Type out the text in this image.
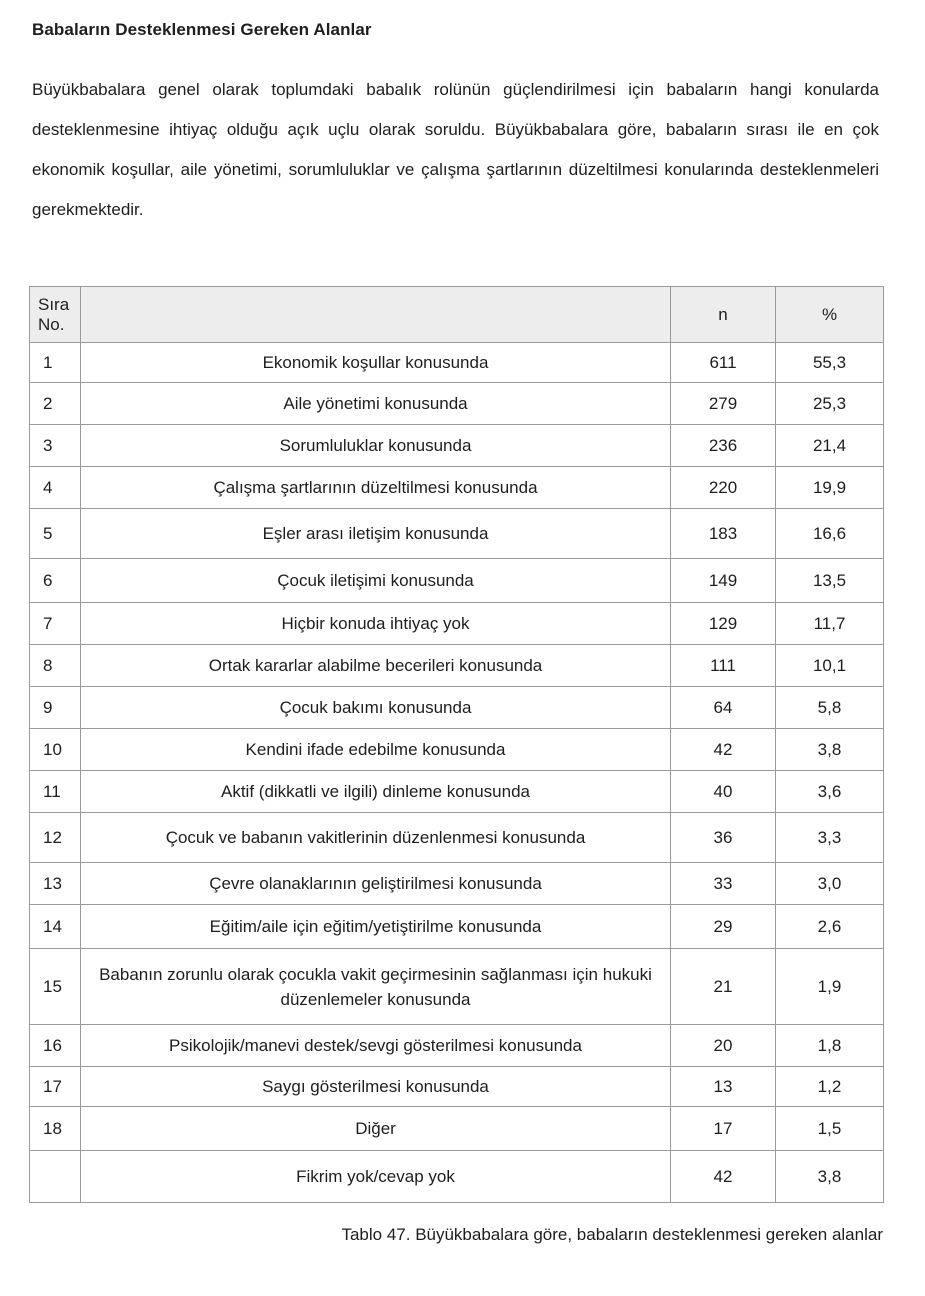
Babaların Desteklenmesi Gereken Alanlar

Büyükbabalara genel olarak toplumdaki babalık rolünün güçlendirilmesi için babaların hangi konularda desteklenmesine ihtiyaç olduğu açık uçlu olarak soruldu. Büyükbabalara göre, babaların sırası ile en çok ekonomik koşullar, aile yönetimi, sorumluluklar ve çalışma şartlarının düzeltilmesi konularında desteklenmeleri gerekmektedir.

Sıra
No.		n	%
1	Ekonomik koşullar konusunda	611	55,3
2	Aile yönetimi konusunda	279	25,3
3	Sorumluluklar konusunda	236	21,4
4	Çalışma şartlarının düzeltilmesi konusunda	220	19,9
5	Eşler arası iletişim konusunda	183	16,6
6	Çocuk iletişimi konusunda	149	13,5
7	Hiçbir konuda ihtiyaç yok	129	11,7
8	Ortak kararlar alabilme becerileri konusunda	111	10,1
9	Çocuk bakımı konusunda	64	5,8
10	Kendini ifade edebilme konusunda	42	3,8
11	Aktif (dikkatli ve ilgili) dinleme konusunda	40	3,6
12	Çocuk ve babanın vakitlerinin düzenlenmesi konusunda	36	3,3
13	Çevre olanaklarının geliştirilmesi konusunda	33	3,0
14	Eğitim/aile için eğitim/yetiştirilme konusunda	29	2,6
15	Babanın zorunlu olarak çocukla vakit geçirmesinin sağlanması için hukuki düzenlemeler konusunda	21	1,9
16	Psikolojik/manevi destek/sevgi gösterilmesi konusunda	20	1,8
17	Saygı gösterilmesi konusunda	13	1,2
18	Diğer	17	1,5
	Fikrim yok/cevap yok	42	3,8
Tablo 47. Büyükbabalara göre, babaların desteklenmesi gereken alanlar
